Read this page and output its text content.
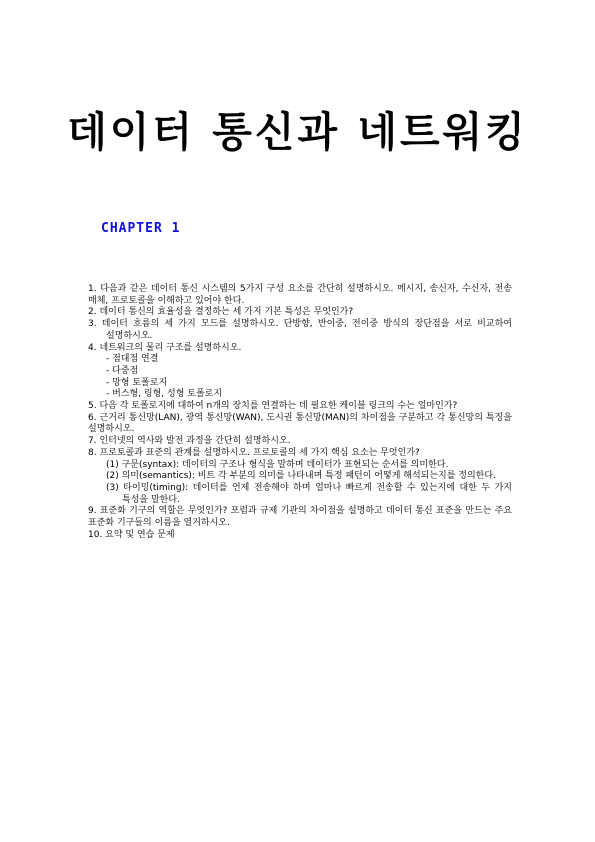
데이터 통신과 네트워킹
CHAPTER 1

1. 다음과 같은 데이터 통신 시스템의 5가지 구성 요소를 간단히 설명하시오. 메시지, 송신자, 수신자, 전송 매체, 프로토콜을 이해하고 있어야 한다.

2. 데이터 통신의 효율성을 결정하는 세 가지 기본 특성은 무엇인가?

3. 데이터 흐름의 세 가지 모드를 설명하시오. 단방향, 반이중, 전이중 방식의 장단점을 서로 비교하여 설명하시오.

4. 네트워크의 물리 구조를 설명하시오.

- 점대점 연결

- 다중점

- 망형 토폴로지

- 버스형, 링형, 성형 토폴로지

5. 다음 각 토폴로지에 대하여 n개의 장치를 연결하는 데 필요한 케이블 링크의 수는 얼마인가?

6. 근거리 통신망(LAN), 광역 통신망(WAN), 도시권 통신망(MAN)의 차이점을 구분하고 각 통신망의 특징을 설명하시오.

7. 인터넷의 역사와 발전 과정을 간단히 설명하시오.

8. 프로토콜과 표준의 관계를 설명하시오. 프로토콜의 세 가지 핵심 요소는 무엇인가?

(1) 구문(syntax): 데이터의 구조나 형식을 말하며 데이터가 표현되는 순서를 의미한다.

(2) 의미(semantics): 비트 각 부분의 의미를 나타내며 특정 패턴이 어떻게 해석되는지를 정의한다.

(3) 타이밍(timing): 데이터를 언제 전송해야 하며 얼마나 빠르게 전송할 수 있는지에 대한 두 가지 특성을 말한다.

9. 표준화 기구의 역할은 무엇인가? 포럼과 규제 기관의 차이점을 설명하고 데이터 통신 표준을 만드는 주요 표준화 기구들의 이름을 열거하시오.

10. 요약 및 연습 문제
